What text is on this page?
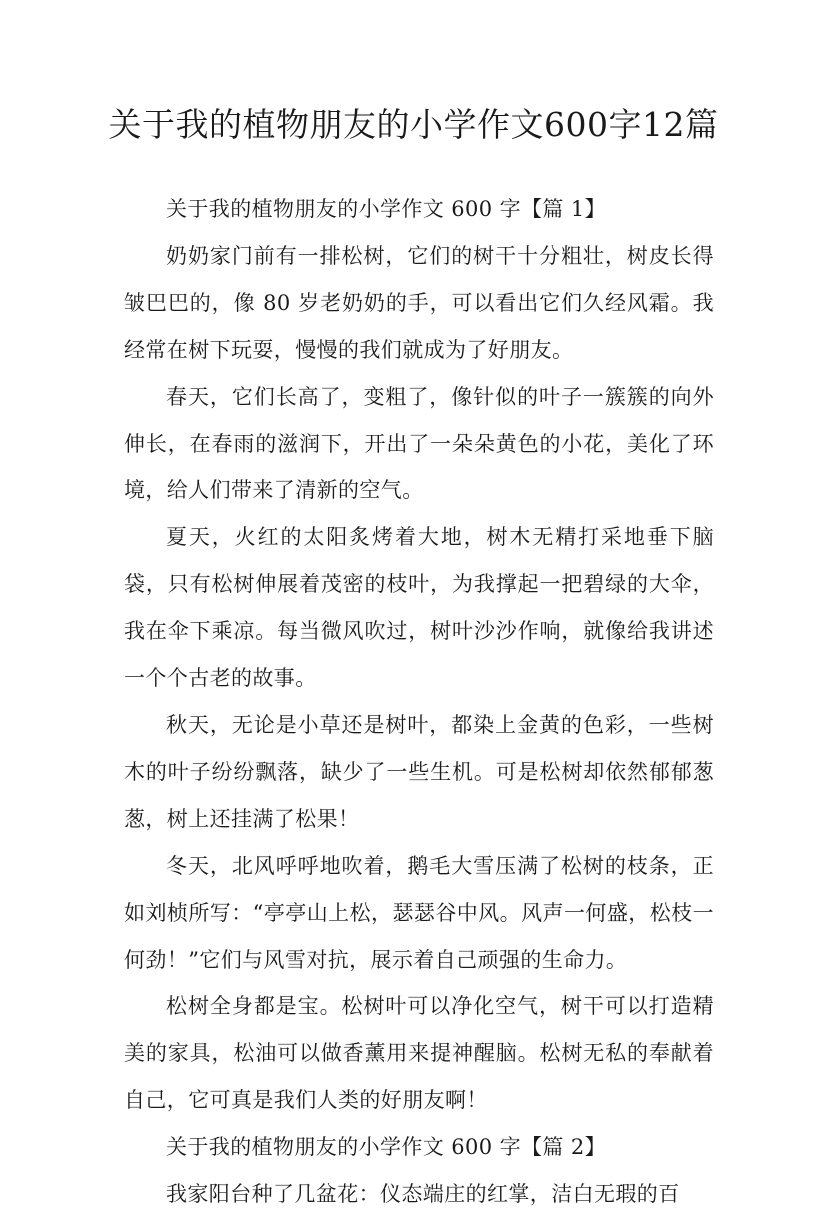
关于我的植物朋友的小学作文600字12篇

关于我的植物朋友的小学作文 600 字【篇 1】

奶奶家门前有一排松树，它们的树干十分粗壮，树皮长得皱巴巴的，像 80 岁老奶奶的手，可以看出它们久经风霜。我经常在树下玩耍，慢慢的我们就成为了好朋友。

春天，它们长高了，变粗了，像针似的叶子一簇簇的向外伸长，在春雨的滋润下，开出了一朵朵黄色的小花，美化了环境，给人们带来了清新的空气。

夏天，火红的太阳炙烤着大地，树木无精打采地垂下脑袋，只有松树伸展着茂密的枝叶，为我撑起一把碧绿的大伞，我在伞下乘凉。每当微风吹过，树叶沙沙作响，就像给我讲述一个个古老的故事。

秋天，无论是小草还是树叶，都染上金黄的色彩，一些树木的叶子纷纷飘落，缺少了一些生机。可是松树却依然郁郁葱葱，树上还挂满了松果！

冬天，北风呼呼地吹着，鹅毛大雪压满了松树的枝条，正如刘桢所写：“亭亭山上松，瑟瑟谷中风。风声一何盛，松枝一何劲！”它们与风雪对抗，展示着自己顽强的生命力。

松树全身都是宝。松树叶可以净化空气，树干可以打造精美的家具，松油可以做香薰用来提神醒脑。松树无私的奉献着自己，它可真是我们人类的好朋友啊！

关于我的植物朋友的小学作文 600 字【篇 2】

我家阳台种了几盆花：仪态端庄的红掌，洁白无瑕的百
